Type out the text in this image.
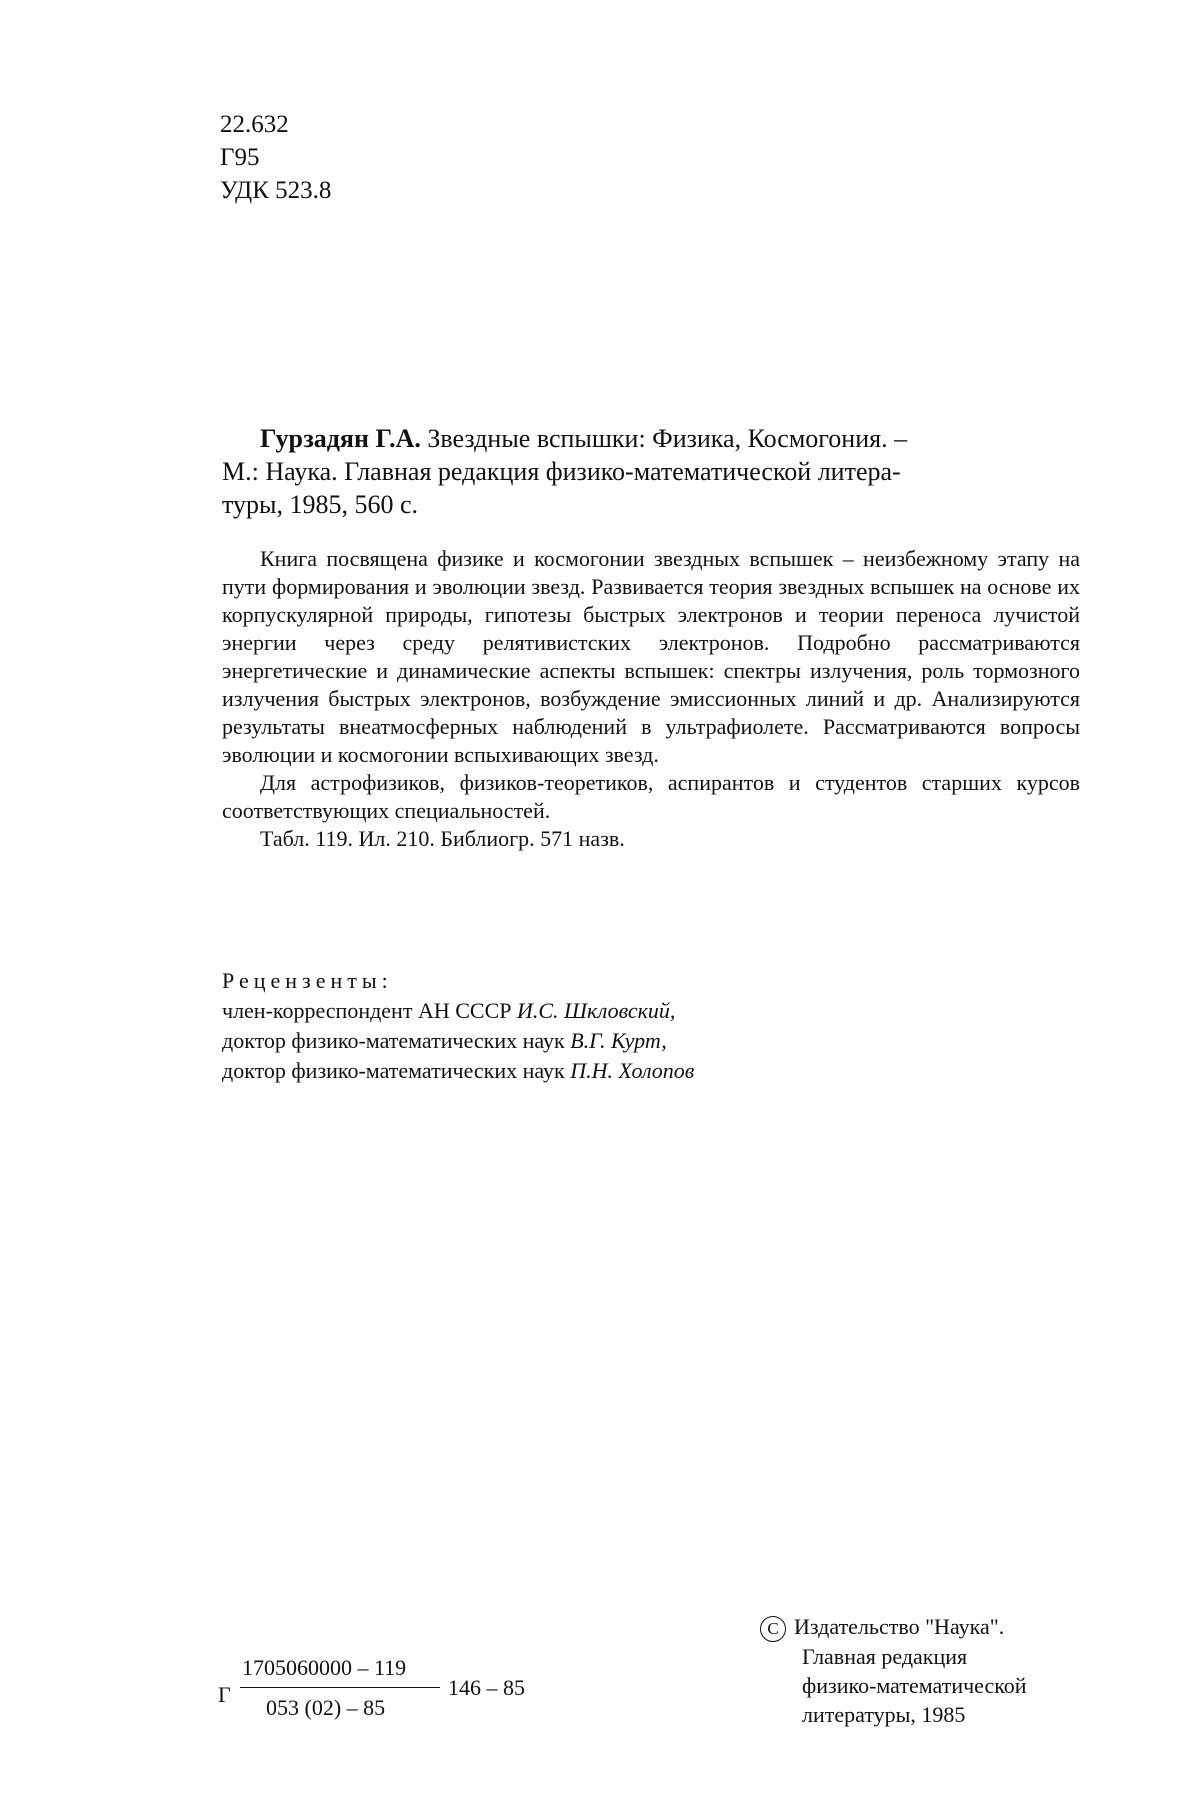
22.632
Г95
УДК 523.8
Гурзадян Г.А. Звездные вспышки: Физика, Космогония. –
М.: Наука. Главная редакция физико-математической литера-
туры, 1985, 560 с.

Книга посвящена физике и космогонии звездных вспышек – неизбежному этапу на пути формирования и эволюции звезд. Развивается теория звездных вспышек на основе их корпускулярной природы, гипотезы быстрых электронов и теории переноса лучистой энергии через среду релятивистских электронов. Подробно рассматриваются энергетические и динамические аспекты вспышек: спектры излучения, роль тормозного излучения быстрых электронов, возбуждение эмиссионных линий и др. Анализируются результаты внеатмосферных наблюдений в ультрафиолете. Рассматриваются вопросы эволюции и космогонии вспыхивающих звезд.

Для астрофизиков, физиков-теоретиков, аспирантов и студентов старших курсов соответствующих специальностей.

Табл. 119. Ил. 210. Библиогр. 571 назв.

Рецензенты:
член-корреспондент АН СССР И.С. Шкловский,
доктор физико-математических наук В.Г. Курт,
доктор физико-математических наук П.Н. Холопов
Г
1705060000 – 119
053 (02) – 85
146 – 85
C Издательство "Наука".
Главная редакция
физико-математической
литературы, 1985
